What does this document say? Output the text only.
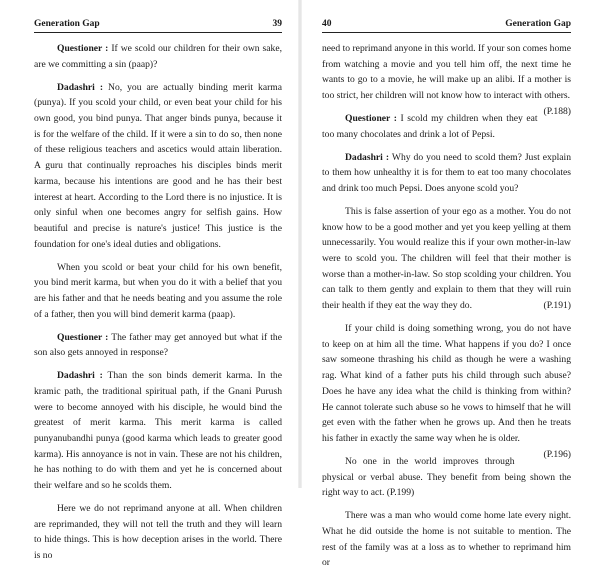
Generation Gap	39

Questioner : If we scold our children for their own sake, are we committing a sin (paap)?

Dadashri : No, you are actually binding merit karma (punya). If you scold your child, or even beat your child for his own good, you bind punya. That anger binds punya, because it is for the welfare of the child. If it were a sin to do so, then none of these religious teachers and ascetics would attain liberation. A guru that continually reproaches his disciples binds merit karma, because his intentions are good and he has their best interest at heart. According to the Lord there is no injustice. It is only sinful when one becomes angry for selfish gains. How beautiful and precise is nature's justice! This justice is the foundation for one's ideal duties and obligations.

When you scold or beat your child for his own benefit, you bind merit karma, but when you do it with a belief that you are his father and that he needs beating and you assume the role of a father, then you will bind demerit karma (paap).

Questioner : The father may get annoyed but what if the son also gets annoyed in response?

Dadashri : Than the son binds demerit karma. In the kramic path, the traditional spiritual path, if the Gnani Purush were to become annoyed with his disciple, he would bind the greatest of merit karma. This merit karma is called punyanubandhi punya (good karma which leads to greater good karma). His annoyance is not in vain. These are not his children, he has nothing to do with them and yet he is concerned about their welfare and so he scolds them.

Here we do not reprimand anyone at all. When children are reprimanded, they will not tell the truth and they will learn to hide things. This is how deception arises in the world. There is no

40	Generation Gap

need to reprimand anyone in this world. If your son comes home from watching a movie and you tell him off, the next time he wants to go to a movie, he will make up an alibi. If a mother is too strict, her children will not know how to interact with others.
(P.188)

Questioner : I scold my children when they eat too many chocolates and drink a lot of Pepsi.

Dadashri : Why do you need to scold them? Just explain to them how unhealthy it is for them to eat too many chocolates and drink too much Pepsi. Does anyone scold you?

This is false assertion of your ego as a mother. You do not know how to be a good mother and yet you keep yelling at them unnecessarily. You would realize this if your own mother-in-law were to scold you. The children will feel that their mother is worse than a mother-in-law. So stop scolding your children. You can talk to them gently and explain to them that they will ruin their health if they eat the way they do.	(P.191)

If your child is doing something wrong, you do not have to keep on at him all the time. What happens if you do? I once saw someone thrashing his child as though he were a washing rag. What kind of a father puts his child through such abuse? Does he have any idea what the child is thinking from within? He cannot tolerate such abuse so he vows to himself that he will get even with the father when he grows up. And then he treats his father in exactly the same way when he is older.
(P.196)

No one in the world improves through physical or verbal abuse. They benefit from being shown the right way to act. (P.199)

There was a man who would come home late every night. What he did outside the home is not suitable to mention. The rest of the family was at a loss as to whether to reprimand him or
